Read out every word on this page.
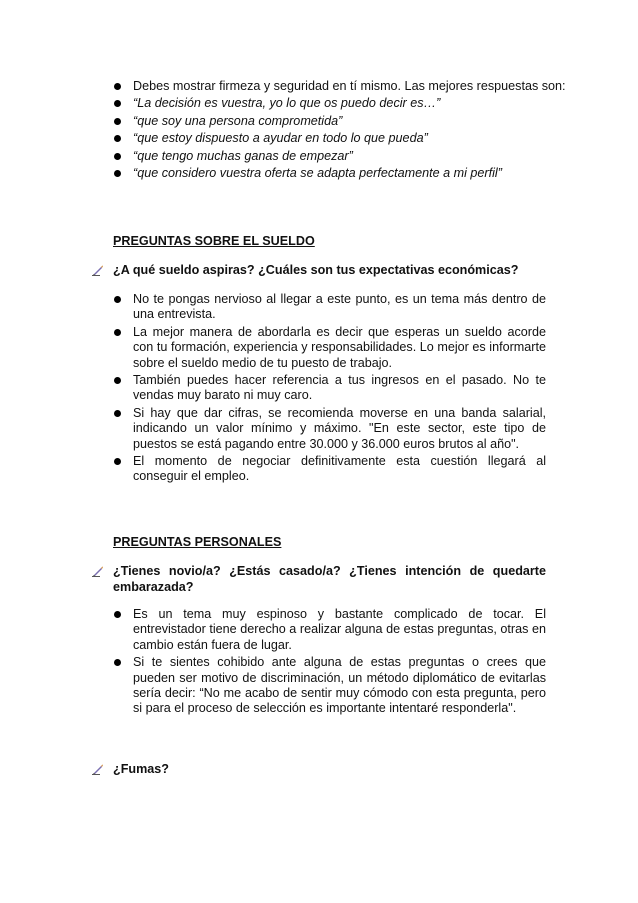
Debes mostrar firmeza y seguridad en tí mismo. Las mejores respuestas son:
“La decisión es vuestra, yo lo que os puedo decir es…”
“que soy una persona comprometida”
“que estoy dispuesto a ayudar en todo lo que pueda”
“que tengo muchas ganas de empezar”
“que considero vuestra oferta se adapta perfectamente a mi perfil”
PREGUNTAS SOBRE EL SUELDO
¿A qué sueldo aspiras? ¿Cuáles son tus expectativas económicas?
No te pongas nervioso al llegar a este punto, es un tema más dentro de una entrevista.
La mejor manera de abordarla es decir que esperas un sueldo acorde con tu formación, experiencia y responsabilidades. Lo mejor es informarte sobre el sueldo medio de tu puesto de trabajo.
También puedes hacer referencia a tus ingresos en el pasado. No te vendas muy barato ni muy caro.
Si hay que dar cifras, se recomienda moverse en una banda salarial, indicando un valor mínimo y máximo. "En este sector, este tipo de puestos se está pagando entre 30.000 y 36.000 euros brutos al año".
El momento de negociar definitivamente esta cuestión llegará al conseguir el empleo.
PREGUNTAS PERSONALES
¿Tienes novio/a? ¿Estás casado/a? ¿Tienes intención de quedarte embarazada?
Es un tema muy espinoso y bastante complicado de tocar. El entrevistador tiene derecho a realizar alguna de estas preguntas, otras en cambio están fuera de lugar.
Si te sientes cohibido ante alguna de estas preguntas o crees que pueden ser motivo de discriminación, un método diplomático de evitarlas sería decir: “No me acabo de sentir muy cómodo con esta pregunta, pero si para el proceso de selección es importante intentaré responderla".
¿Fumas?
